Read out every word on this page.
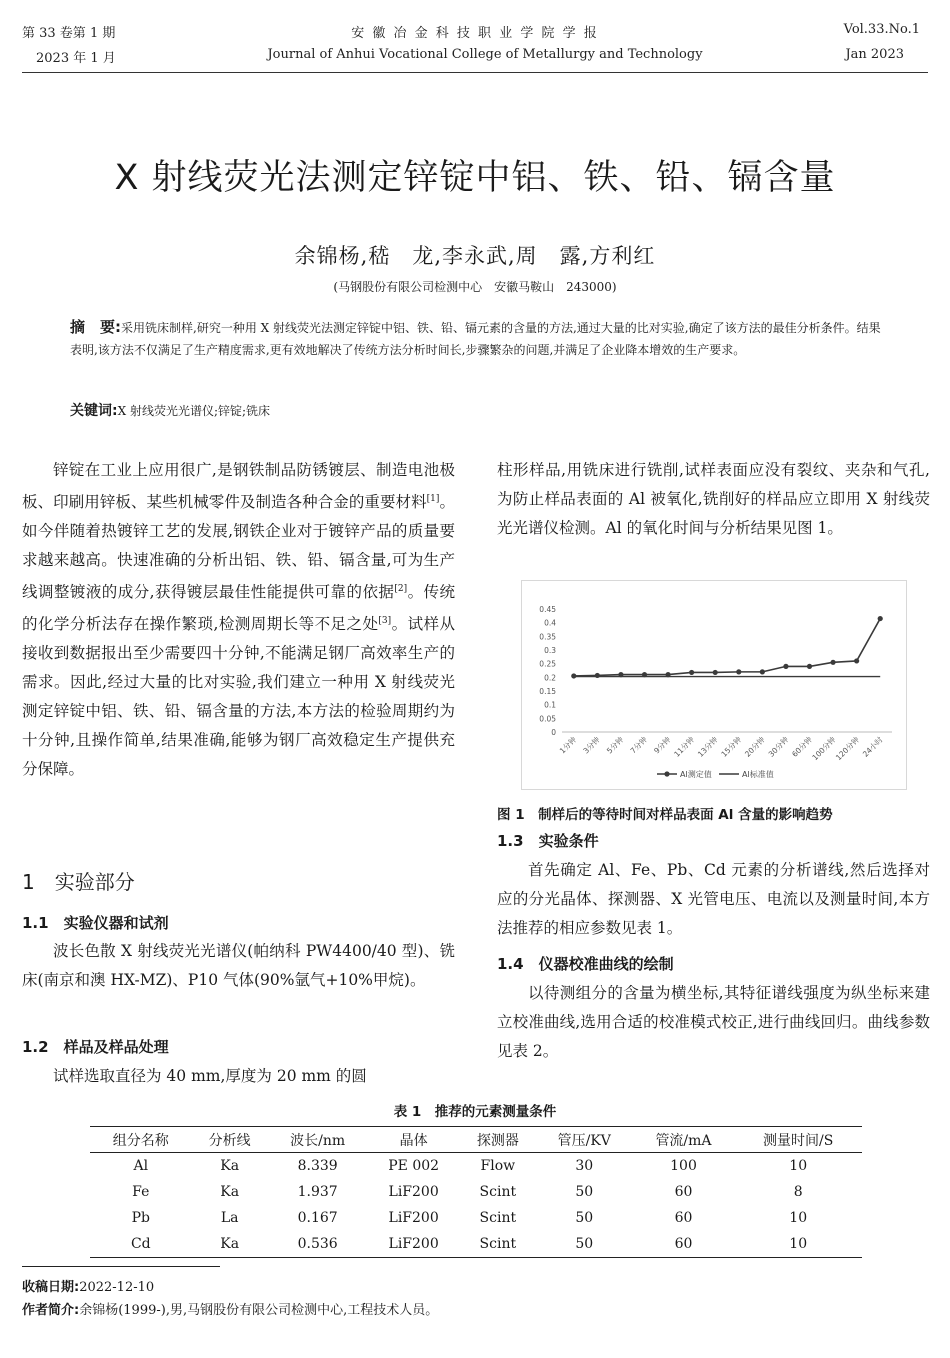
第 33 卷第 1 期
2023 年 1 月
安 徽 冶 金 科 技 职 业 学 院 学 报
Journal of Anhui Vocational College of Metallurgy and Technology
Vol.33.No.1
Jan 2023
X 射线荧光法测定锌锭中铝、铁、铅、镉含量
余锦杨,嵇　龙,李永武,周　露,方利红
(马钢股份有限公司检测中心　安徽马鞍山　243000)
摘　要:采用铣床制样,研究一种用 X 射线荧光法测定锌锭中铝、铁、铅、镉元素的含量的方法,通过大量的比对实验,确定了该方法的最佳分析条件。结果表明,该方法不仅满足了生产精度需求,更有效地解决了传统方法分析时间长,步骤繁杂的问题,并满足了企业降本增效的生产要求。
关键词:X 射线荧光光谱仪;锌锭;铣床

锌锭在工业上应用很广,是钢铁制品防锈镀层、制造电池极板、印刷用锌板、某些机械零件及制造各种合金的重要材料[1]。如今伴随着热镀锌工艺的发展,钢铁企业对于镀锌产品的质量要求越来越高。快速准确的分析出铝、铁、铅、镉含量,可为生产线调整镀液的成分,获得镀层最佳性能提供可靠的依据[2]。传统的化学分析法存在操作繁琐,检测周期长等不足之处[3]。试样从接收到数据报出至少需要四十分钟,不能满足钢厂高效率生产的需求。因此,经过大量的比对实验,我们建立一种用 X 射线荧光测定锌锭中铝、铁、铅、镉含量的方法,本方法的检验周期约为十分钟,且操作简单,结果准确,能够为钢厂高效稳定生产提供充分保障。

1　实验部分
1.1　实验仪器和试剂

波长色散 X 射线荧光光谱仪(帕纳科 PW4400/40 型)、铣床(南京和澳 HX-MZ)、P10 气体(90%氩气+10%甲烷)。

1.2　样品及样品处理

试样选取直径为 40 mm,厚度为 20 mm 的圆

柱形样品,用铣床进行铣削,试样表面应没有裂纹、夹杂和气孔,为防止样品表面的 Al 被氧化,铣削好的样品应立即用 X 射线荧光光谱仪检测。Al 的氧化时间与分析结果见图 1。

0
0.05
0.1
0.15
0.2
0.25
0.3
0.35
0.4
0.45
1分钟 3分钟 5分钟 7分钟 9分钟 11分钟 13分钟 15分钟 20分钟 30分钟 60分钟
100分钟
120分钟 24小时
Al测定值	Al标准值
图 1　制样后的等待时间对样品表面 Al 含量的影响趋势
1.3　实验条件

首先确定 Al、Fe、Pb、Cd 元素的分析谱线,然后选择对应的分光晶体、探测器、X 光管电压、电流以及测量时间,本方法推荐的相应参数见表 1。

1.4　仪器校准曲线的绘制

以待测组分的含量为横坐标,其特征谱线强度为纵坐标来建立校准曲线,选用合适的校准模式校正,进行曲线回归。曲线参数见表 2。

表 1　推荐的元素测量条件
组分名称	分析线	波长/nm	晶体	探测器	管压/KV	管流/mA	测量时间/S
Al	Ka	8.339	PE 002	Flow	30	100	10
Fe	Ka	1.937	LiF200	Scint	50	60	8
Pb	La	0.167	LiF200	Scint	50	60	10
Cd	Ka	0.536	LiF200	Scint	50	60	10
收稿日期:2022-12-10
作者简介:余锦杨(1999-),男,马钢股份有限公司检测中心,工程技术人员。
